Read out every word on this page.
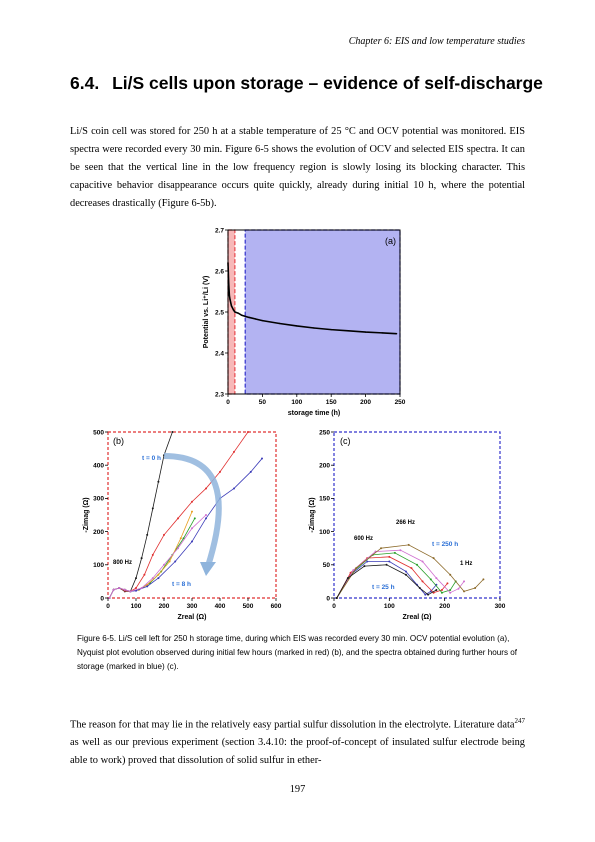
Chapter 6: EIS and low temperature studies
6.4. Li/S cells upon storage – evidence of self-discharge

Li/S coin cell was stored for 250 h at a stable temperature of 25 °C and OCV potential was monitored. EIS spectra were recorded every 30 min. Figure 6-5 shows the evolution of OCV and selected EIS spectra. It can be seen that the vertical line in the low frequency region is slowly losing its blocking character. This capacitive behavior disappearance occurs quite quickly, already during initial 10 h, where the potential decreases drastically (Figure 6-5b).

0	50	100	150	200	250
2.3
2.4
2.5
2.6
2.7
storage time (h)
Potential vs. Li⁺/Li (V)
(a)
0	100	200	300	400	500	600
0
100
200
300
400
500
Zreal (Ω)
-Zimag (Ω)
(b)
t = 0 h
t = 8 h
800 Hz
0	100	200	300
0
50
100
150
200
250
Zreal (Ω)
-Zimag (Ω)
(c)
266 Hz
600 Hz
t = 250 h
1 Hz
t = 25 h

Figure 6-5. Li/S cell left for 250 h storage time, during which EIS was recorded every 30 min. OCV potential evolution (a), Nyquist plot evolution observed during initial few hours (marked in red) (b), and the spectra obtained during further hours of storage (marked in blue) (c).

The reason for that may lie in the relatively easy partial sulfur dissolution in the electrolyte. Literature data$^{247}$ as well as our previous experiment (section 3.4.10: the proof-of-concept of insulated sulfur electrode being able to work) proved that dissolution of solid sulfur in ether-

197
